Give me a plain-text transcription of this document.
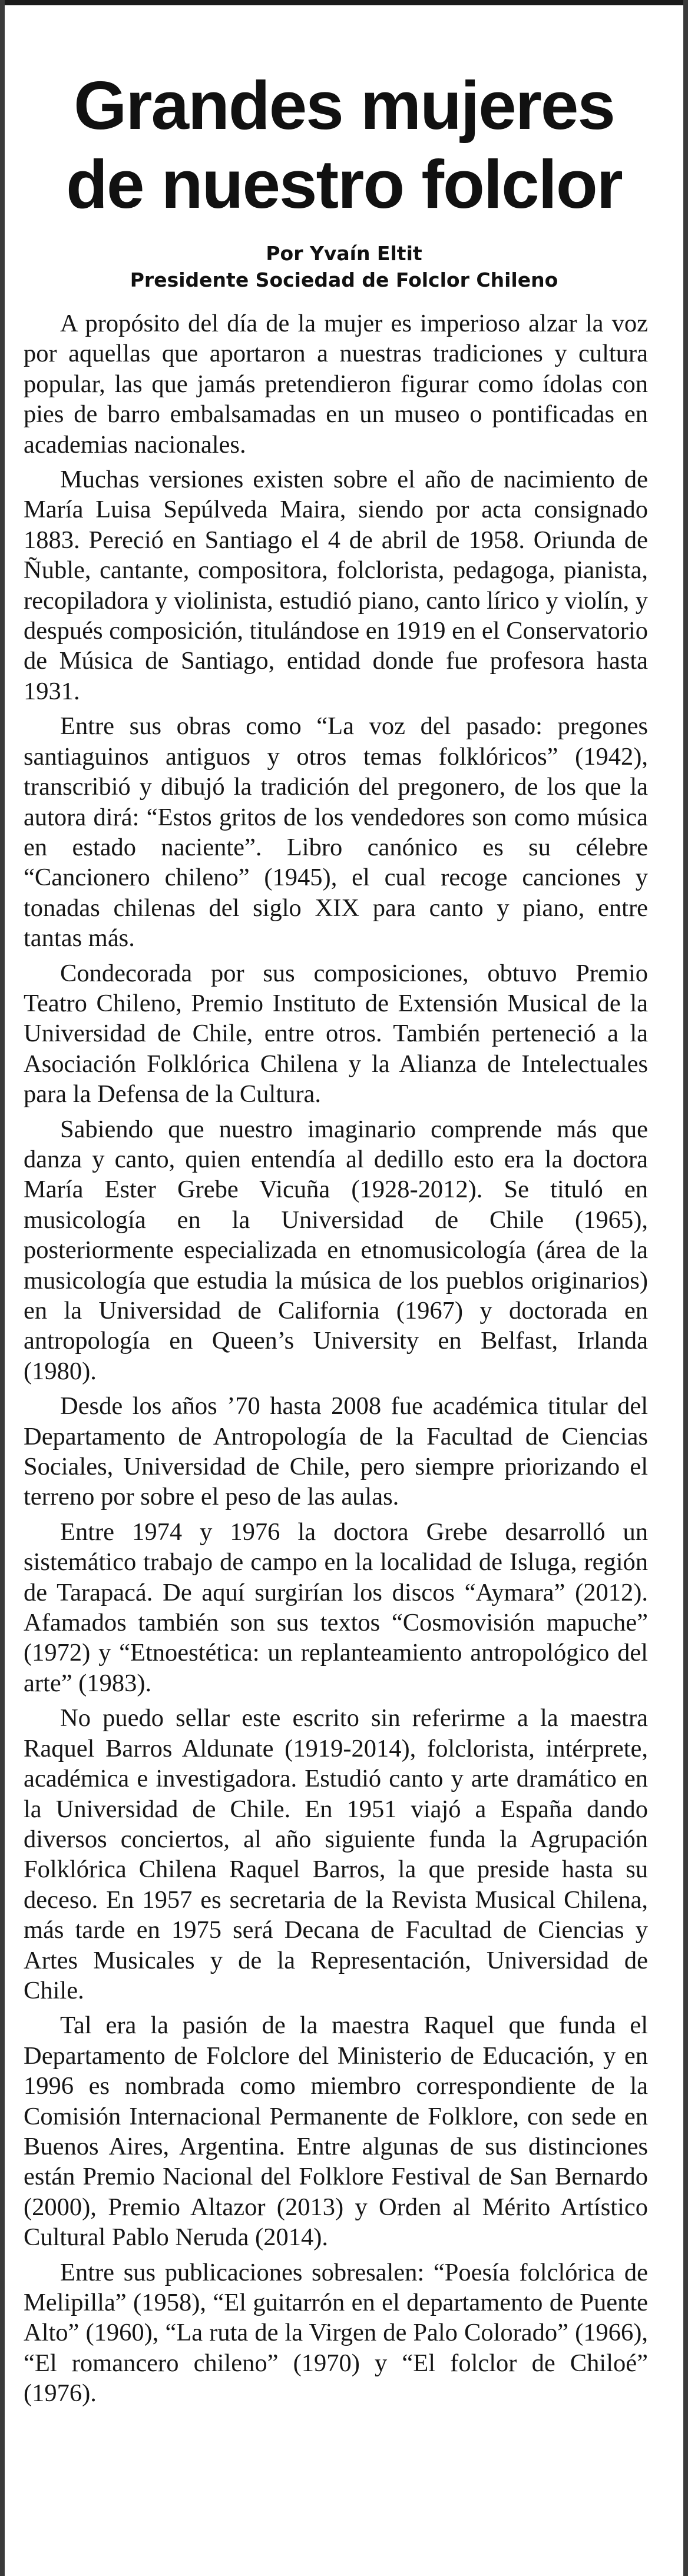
Grandes mujeres
de nuestro folclor
Por Yvaín Eltit
Presidente Sociedad de Folclor Chileno

A propósito del día de la mujer es imperioso alzar la voz por aquellas que aportaron a nuestras tradiciones y cultura popular, las que jamás pretendieron figurar como ídolas con pies de barro embalsamadas en un museo o pontificadas en academias nacionales.

Muchas versiones existen sobre el año de nacimiento de María Luisa Sepúlveda Maira, siendo por acta consignado 1883. Pereció en Santiago el 4 de abril de 1958. Oriunda de Ñuble, cantante, compositora, folclorista, pedagoga, pianista, recopiladora y violinista, estudió piano, canto lírico y violín, y después composición, titulándose en 1919 en el Conservatorio de Música de Santiago, entidad donde fue profesora hasta 1931.

Entre sus obras como “La voz del pasado: pregones santiaguinos antiguos y otros temas folklóricos” (1942), transcribió y dibujó la tradición del pregonero, de los que la autora dirá: “Estos gritos de los vendedores son como música en estado naciente”. Libro canónico es su célebre “Cancionero chileno” (1945), el cual recoge canciones y tonadas chilenas del siglo XIX para canto y piano, entre tantas más.

Condecorada por sus composiciones, obtuvo Premio Teatro Chileno, Premio Instituto de Extensión Musical de la Universidad de Chile, entre otros. También perteneció a la Asociación Folklórica Chilena y la Alianza de Intelectuales para la Defensa de la Cultura.

Sabiendo que nuestro imaginario comprende más que danza y canto, quien entendía al dedillo esto era la doctora María Ester Grebe Vicuña (1928-2012). Se tituló en musicología en la Universidad de Chile (1965), posteriormente especializada en etnomusicología (área de la musicología que estudia la música de los pueblos originarios) en la Universidad de California (1967) y doctorada en antropología en Queen’s University en Belfast, Irlanda (1980).

Desde los años ’70 hasta 2008 fue académica titular del Departamento de Antropología de la Facultad de Ciencias Sociales, Universidad de Chile, pero siempre priorizando el terreno por sobre el peso de las aulas.

Entre 1974 y 1976 la doctora Grebe desarrolló un sistemático trabajo de campo en la localidad de Isluga, región de Tarapacá. De aquí surgirían los discos “Aymara” (2012). Afamados también son sus textos “Cosmovisión mapuche” (1972) y “Etnoestética: un replanteamiento antropológico del arte” (1983).

No puedo sellar este escrito sin referirme a la maestra Raquel Barros Aldunate (1919-2014), folclorista, intérprete, académica e investigadora. Estudió canto y arte dramático en la Universidad de Chile. En 1951 viajó a España dando diversos conciertos, al año siguiente funda la Agrupación Folklórica Chilena Raquel Barros, la que preside hasta su deceso. En 1957 es secretaria de la Revista Musical Chilena, más tarde en 1975 será Decana de Facultad de Ciencias y Artes Musicales y de la Representación, Universidad de Chile.

Tal era la pasión de la maestra Raquel que funda el Departamento de Folclore del Ministerio de Educación, y en 1996 es nombrada como miembro correspondiente de la Comisión Internacional Permanente de Folklore, con sede en Buenos Aires, Argentina. Entre algunas de sus distinciones están Premio Nacional del Folklore Festival de San Bernardo (2000), Premio Altazor (2013) y Orden al Mérito Artístico Cultural Pablo Neruda (2014).

Entre sus publicaciones sobresalen: “Poesía folclórica de Melipilla” (1958), “El guitarrón en el departamento de Puente Alto” (1960), “La ruta de la Virgen de Palo Colorado” (1966), “El romancero chileno” (1970) y “El folclor de Chiloé” (1976).
